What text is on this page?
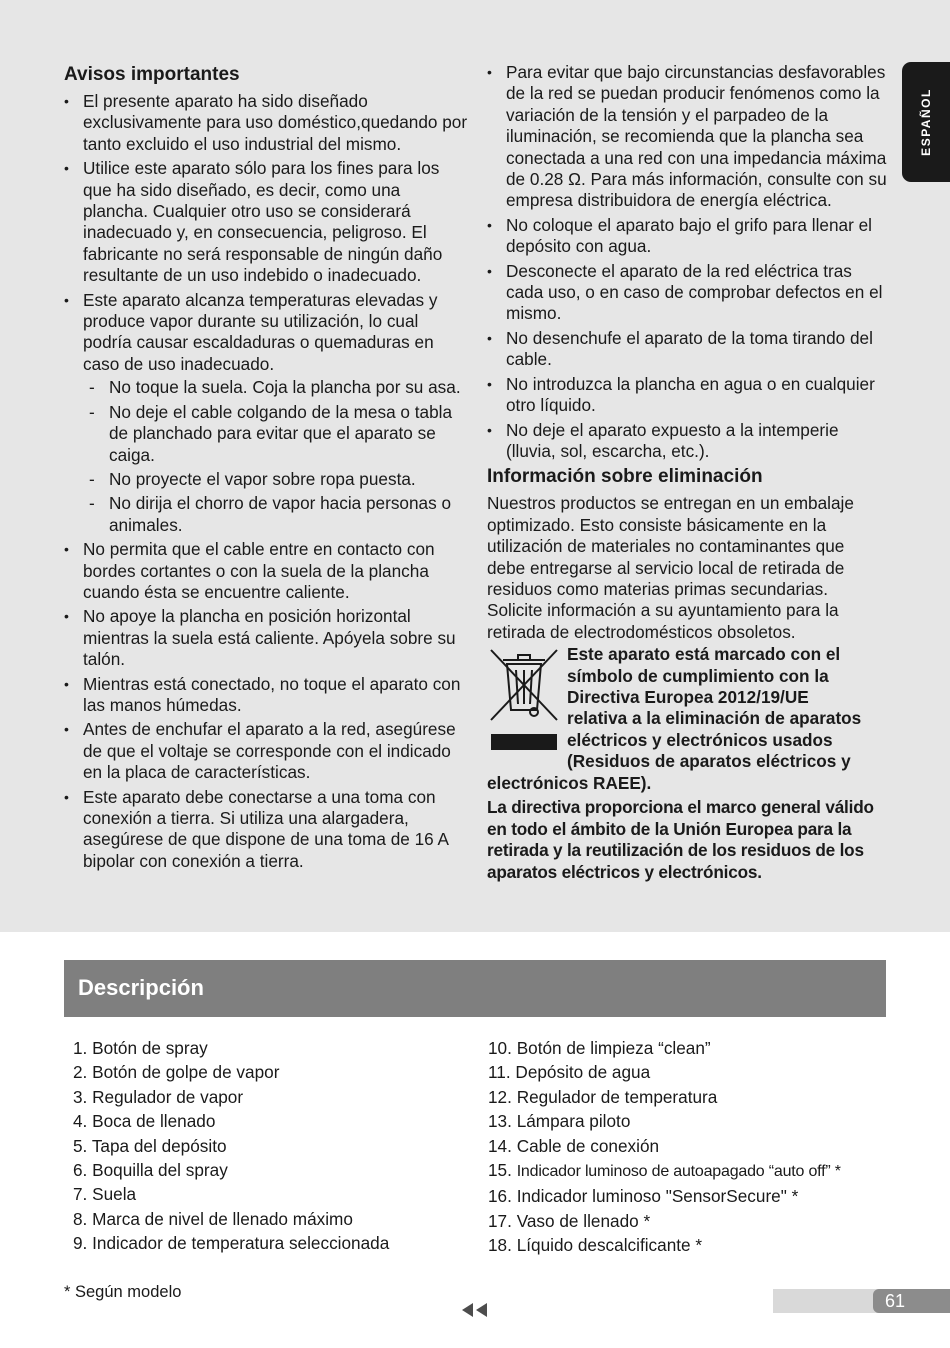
ESPAÑOL
Avisos importantes
• El presente aparato ha sido diseñado exclusivamente para uso doméstico,quedando por tanto excluido el uso industrial del mismo.
• Utilice este aparato sólo para los fines para los que ha sido diseñado, es decir, como una plancha. Cualquier otro uso se considerará inadecuado y, en consecuencia, peligroso. El fabricante no será responsable de ningún daño resultante de un uso indebido o inadecuado.
• Este aparato alcanza temperaturas elevadas y produce vapor durante su utilización, lo cual podría causar escaldaduras o quemaduras en caso de uso inadecuado.
- No toque la suela. Coja la plancha por su asa.
- No deje el cable colgando de la mesa o tabla de planchado para evitar que el aparato se caiga.
- No proyecte el vapor sobre ropa puesta.
- No dirija el chorro de vapor hacia personas o animales.
• No permita que el cable entre en contacto con bordes cortantes o con la suela de la plancha cuando ésta se encuentre caliente.
• No apoye la plancha en posición horizontal mientras la suela está caliente. Apóyela sobre su talón.
• Mientras está conectado, no toque el aparato con las manos húmedas.
• Antes de enchufar el aparato a la red, asegúrese de que el voltaje se corresponde con el indicado en la placa de características.
• Este aparato debe conectarse a una toma con conexión a tierra. Si utiliza una alargadera, asegúrese de que dispone de una toma de 16 A bipolar con conexión a tierra.
• Para evitar que bajo circunstancias desfavorables de la red se puedan producir fenómenos como la variación de la tensión y el parpadeo de la iluminación, se recomienda que la plancha sea conectada a una red con una impedancia máxima de 0.28 Ω. Para más información, consulte con su empresa distribuidora de energía eléctrica.
• No coloque el aparato bajo el grifo para llenar el depósito con agua.
• Desconecte el aparato de la red eléctrica tras cada uso, o en caso de comprobar defectos en el mismo.
• No desenchufe el aparato de la toma tirando del cable.
• No introduzca la plancha en agua o en cualquier otro líquido.
• No deje el aparato expuesto a la intemperie (lluvia, sol, escarcha, etc.).
Información sobre eliminación

Nuestros productos se entregan en un embalaje optimizado. Esto consiste básicamente en la utilización de materiales no contaminantes que debe entregarse al servicio local de retirada de residuos como materias primas secundarias. Solicite información a su ayuntamiento para la retirada de electrodomésticos obsoletos.

Este aparato está marcado con el
símbolo de cumplimiento con la
Directiva Europea 2012/19/UE
relativa a la eliminación de aparatos
eléctricos y electrónicos usados
(Residuos de aparatos eléctricos y
electrónicos RAEE).

La directiva proporciona el marco general válido en todo el ámbito de la Unión Europea para la retirada y la reutilización de los residuos de los aparatos eléctricos y electrónicos.

Descripción
1. Botón de spray
2. Botón de golpe de vapor
3. Regulador de vapor
4. Boca de llenado
5. Tapa del depósito
6. Boquilla del spray
7. Suela
8. Marca de nivel de llenado máximo
9. Indicador de temperatura seleccionada
10. Botón de limpieza “clean”
11. Depósito de agua
12. Regulador de temperatura
13. Lámpara piloto
14. Cable de conexión
15. Indicador luminoso de autoapagado “auto off” *
16. Indicador luminoso "SensorSecure" *
17. Vaso de llenado *
18. Líquido descalcificante *
* Según modelo	61
